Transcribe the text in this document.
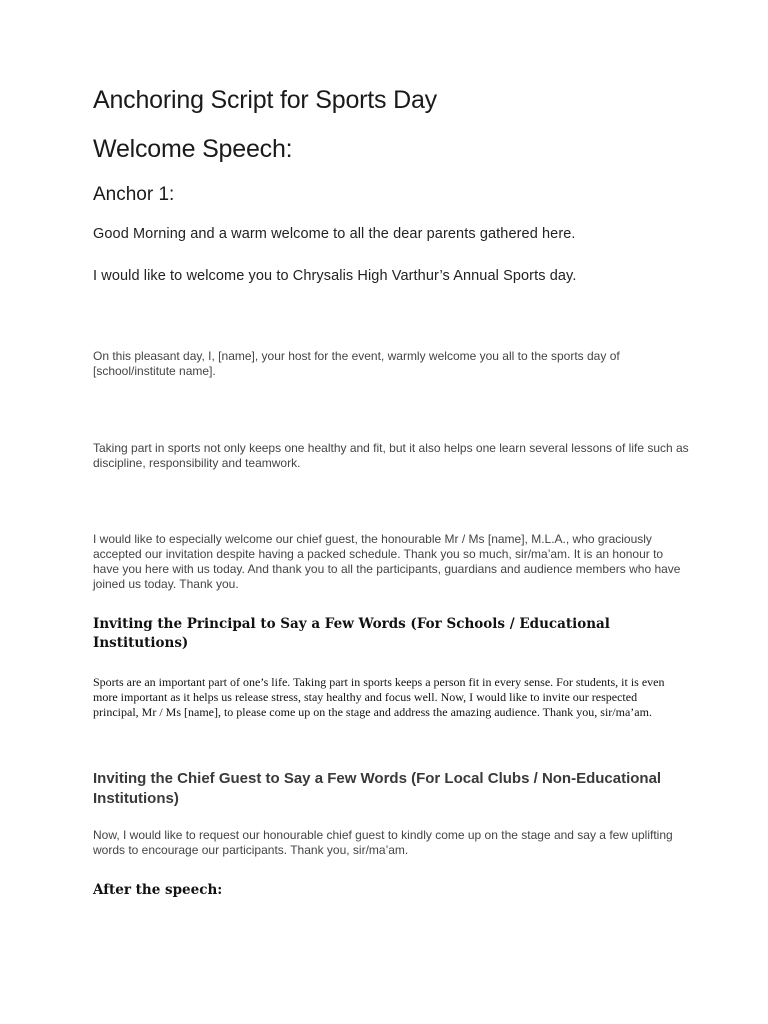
Anchoring Script for Sports Day
Welcome Speech:
Anchor 1:

Good Morning and a warm welcome to all the dear parents gathered here.

I would like to welcome you to Chrysalis High Varthur’s Annual Sports day.

On this pleasant day, I, [name], your host for the event, warmly welcome you all to the sports day of [school/institute name].

Taking part in sports not only keeps one healthy and fit, but it also helps one learn several lessons of life such as discipline, responsibility and teamwork.

I would like to especially welcome our chief guest, the honourable Mr / Ms [name], M.L.A., who graciously accepted our invitation despite having a packed schedule. Thank you so much, sir/ma’am. It is an honour to have you here with us today. And thank you to all the participants, guardians and audience members who have joined us today. Thank you.

Inviting the Principal to Say a Few Words (For Schools / Educational Institutions)

Sports are an important part of one’s life. Taking part in sports keeps a person fit in every sense. For students, it is even more important as it helps us release stress, stay healthy and focus well. Now, I would like to invite our respected principal, Mr / Ms [name], to please come up on the stage and address the amazing audience. Thank you, sir/ma’am.

Inviting the Chief Guest to Say a Few Words (For Local Clubs / Non-Educational Institutions)

Now, I would like to request our honourable chief guest to kindly come up on the stage and say a few uplifting words to encourage our participants. Thank you, sir/ma’am.

After the speech:
